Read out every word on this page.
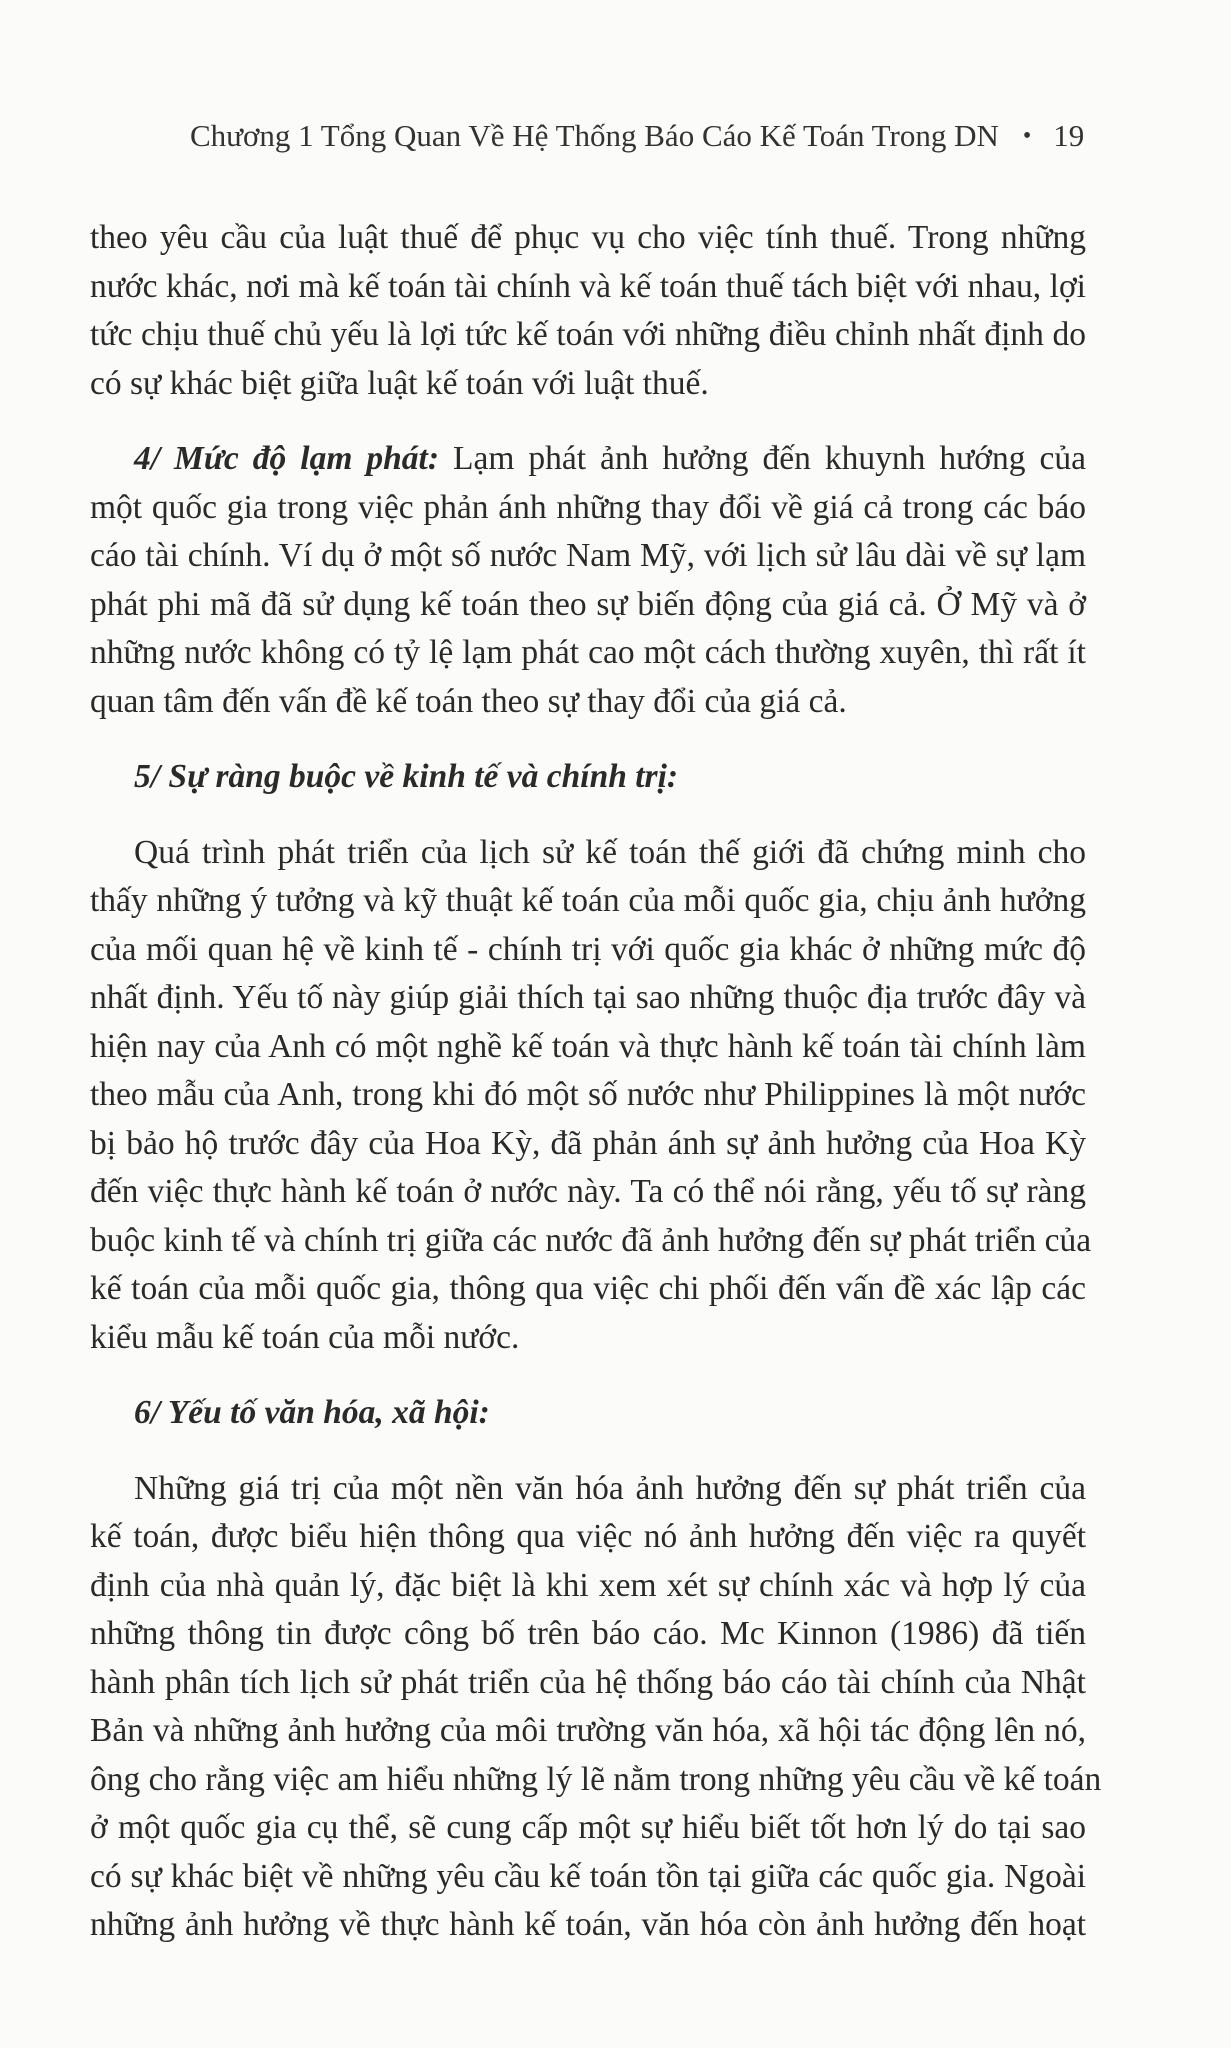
Chương 1 Tổng Quan Về Hệ Thống Báo Cáo Kế Toán Trong DN • 19
theo yêu cầu của luật thuế để phục vụ cho việc tính thuế. Trong những
nước khác, nơi mà kế toán tài chính và kế toán thuế tách biệt với nhau, lợi
tức chịu thuế chủ yếu là lợi tức kế toán với những điều chỉnh nhất định do
có sự khác biệt giữa luật kế toán với luật thuế.
4/ Mức độ lạm phát: Lạm phát ảnh hưởng đến khuynh hướng của
một quốc gia trong việc phản ánh những thay đổi về giá cả trong các báo
cáo tài chính. Ví dụ ở một số nước Nam Mỹ, với lịch sử lâu dài về sự lạm
phát phi mã đã sử dụng kế toán theo sự biến động của giá cả. Ở Mỹ và ở
những nước không có tỷ lệ lạm phát cao một cách thường xuyên, thì rất ít
quan tâm đến vấn đề kế toán theo sự thay đổi của giá cả.
5/ Sự ràng buộc về kinh tế và chính trị:
Quá trình phát triển của lịch sử kế toán thế giới đã chứng minh cho
thấy những ý tưởng và kỹ thuật kế toán của mỗi quốc gia, chịu ảnh hưởng
của mối quan hệ về kinh tế - chính trị với quốc gia khác ở những mức độ
nhất định. Yếu tố này giúp giải thích tại sao những thuộc địa trước đây và
hiện nay của Anh có một nghề kế toán và thực hành kế toán tài chính làm
theo mẫu của Anh, trong khi đó một số nước như Philippines là một nước
bị bảo hộ trước đây của Hoa Kỳ, đã phản ánh sự ảnh hưởng của Hoa Kỳ
đến việc thực hành kế toán ở nước này. Ta có thể nói rằng, yếu tố sự ràng
buộc kinh tế và chính trị giữa các nước đã ảnh hưởng đến sự phát triển của
kế toán của mỗi quốc gia, thông qua việc chi phối đến vấn đề xác lập các
kiểu mẫu kế toán của mỗi nước.
6/ Yếu tố văn hóa, xã hội:
Những giá trị của một nền văn hóa ảnh hưởng đến sự phát triển của
kế toán, được biểu hiện thông qua việc nó ảnh hưởng đến việc ra quyết
định của nhà quản lý, đặc biệt là khi xem xét sự chính xác và hợp lý của
những thông tin được công bố trên báo cáo. Mc Kinnon (1986) đã tiến
hành phân tích lịch sử phát triển của hệ thống báo cáo tài chính của Nhật
Bản và những ảnh hưởng của môi trường văn hóa, xã hội tác động lên nó,
ông cho rằng việc am hiểu những lý lẽ nằm trong những yêu cầu về kế toán
ở một quốc gia cụ thể, sẽ cung cấp một sự hiểu biết tốt hơn lý do tại sao
có sự khác biệt về những yêu cầu kế toán tồn tại giữa các quốc gia. Ngoài
những ảnh hưởng về thực hành kế toán, văn hóa còn ảnh hưởng đến hoạt
